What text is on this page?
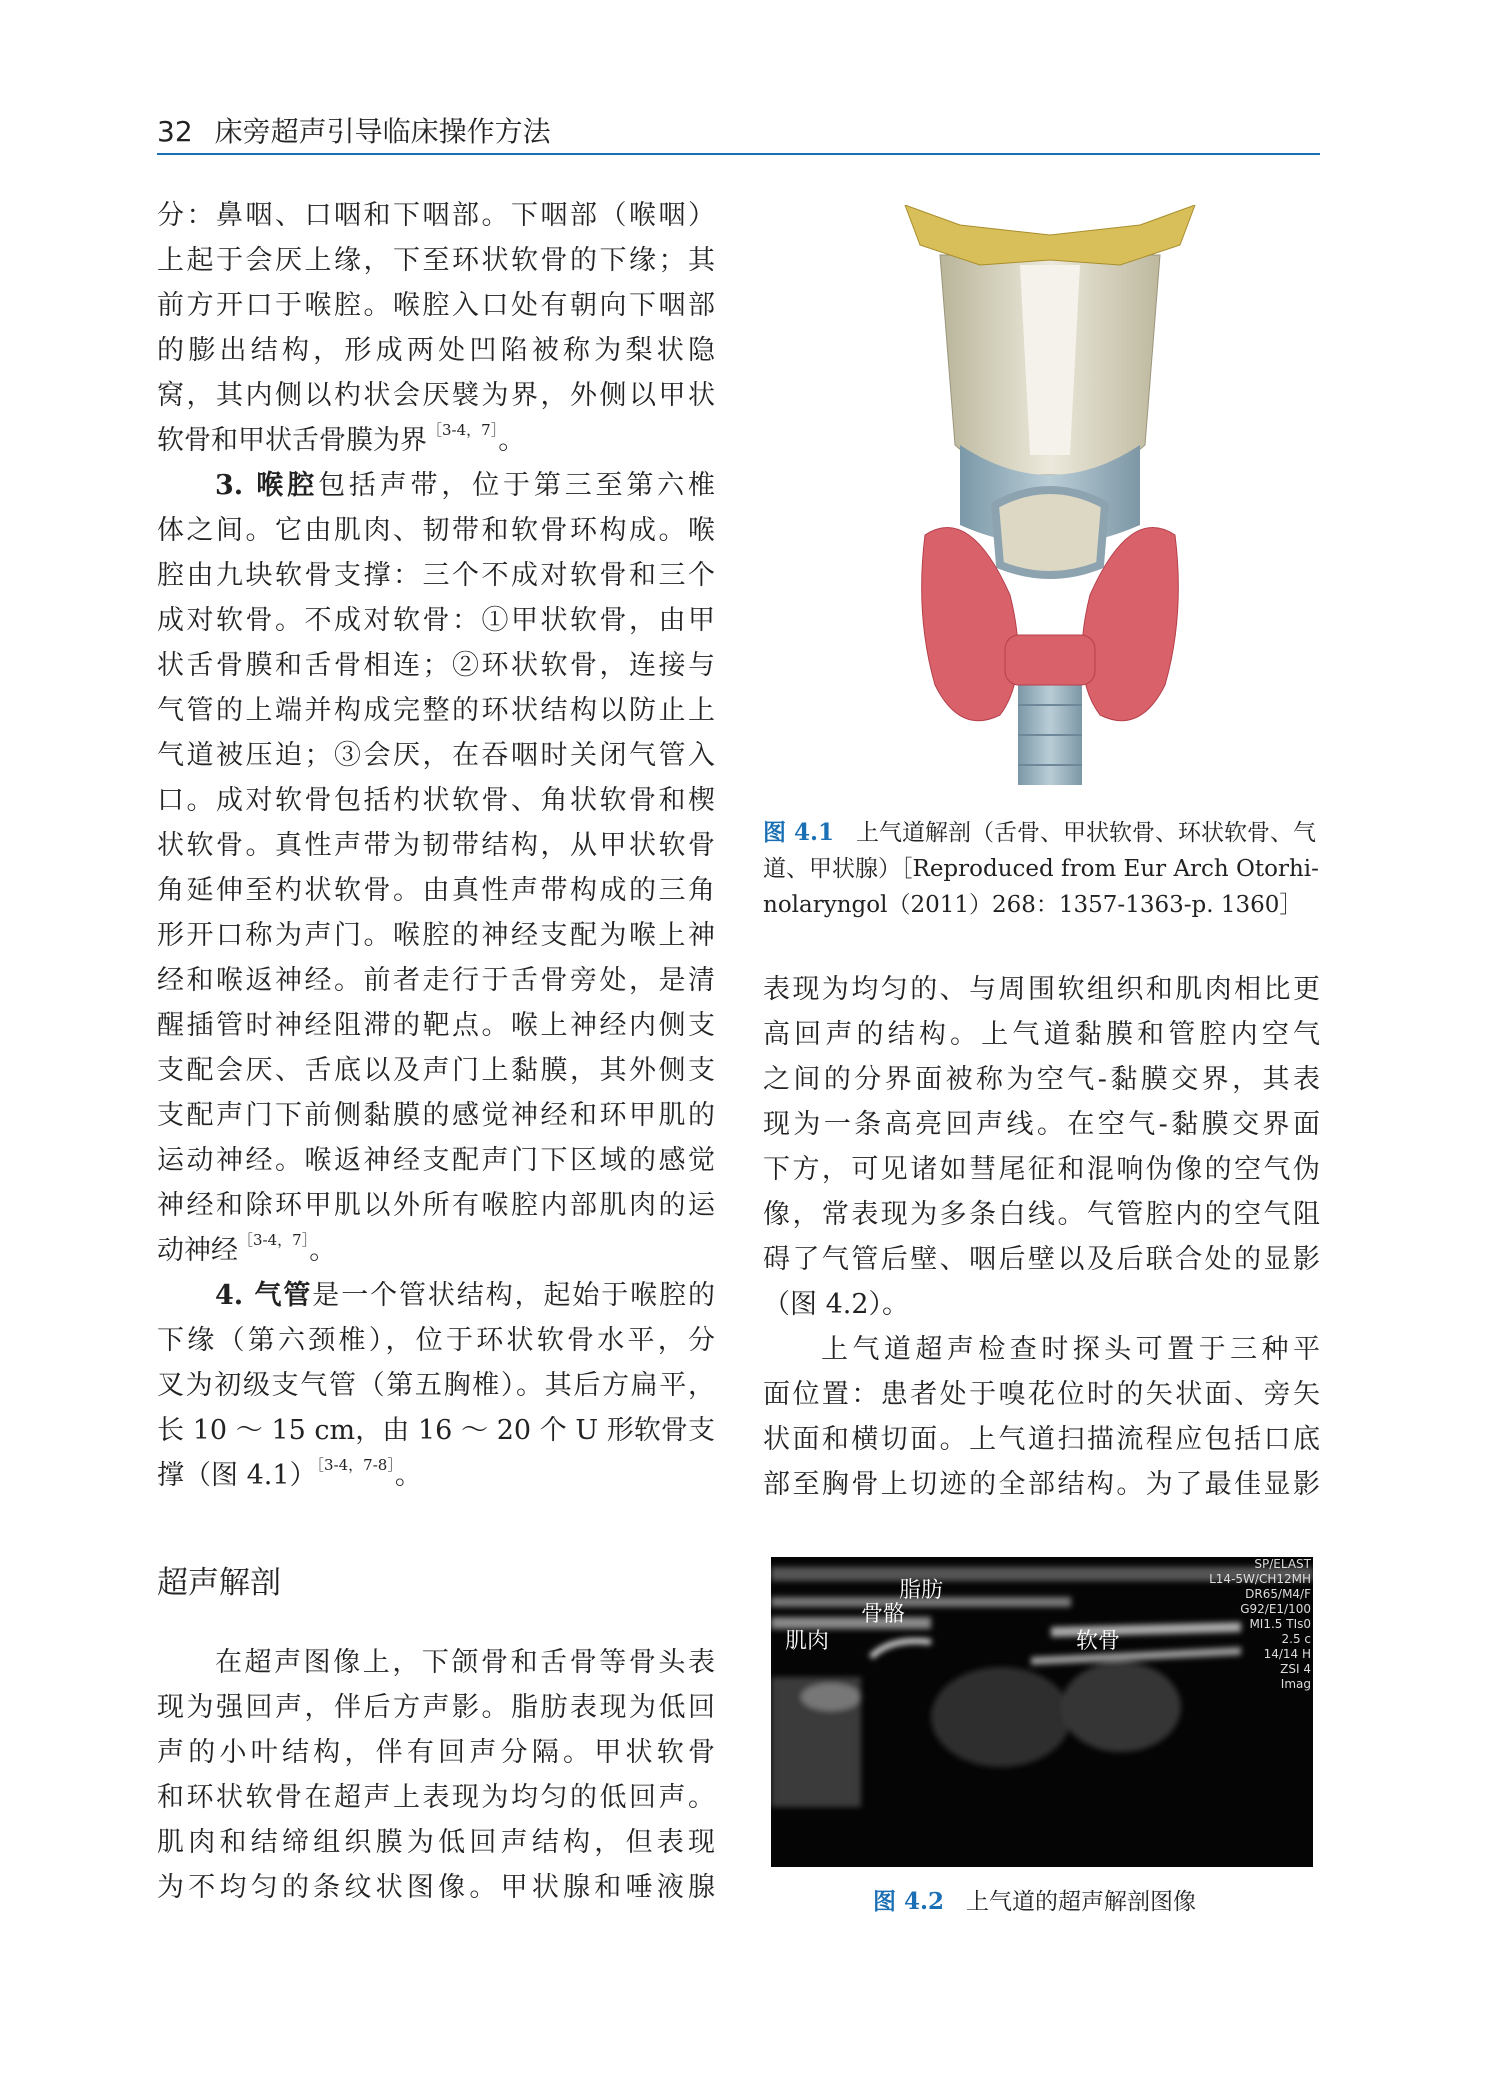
32 床旁超声引导临床操作方法
分：鼻咽、口咽和下咽部。下咽部（喉咽）
上起于会厌上缘，下至环状软骨的下缘；其
前方开口于喉腔。喉腔入口处有朝向下咽部
的膨出结构，形成两处凹陷被称为梨状隐
窝，其内侧以杓状会厌襞为界，外侧以甲状
软骨和甲状舌骨膜为界$^{[3-4,7]}$。
3. 喉腔包括声带，位于第三至第六椎
体之间。它由肌肉、韧带和软骨环构成。喉
腔由九块软骨支撑：三个不成对软骨和三个
成对软骨。不成对软骨：①甲状软骨，由甲
状舌骨膜和舌骨相连；②环状软骨，连接与
气管的上端并构成完整的环状结构以防止上
气道被压迫；③会厌，在吞咽时关闭气管入
口。成对软骨包括杓状软骨、角状软骨和楔
状软骨。真性声带为韧带结构，从甲状软骨
角延伸至杓状软骨。由真性声带构成的三角
形开口称为声门。喉腔的神经支配为喉上神
经和喉返神经。前者走行于舌骨旁处，是清
醒插管时神经阻滞的靶点。喉上神经内侧支
支配会厌、舌底以及声门上黏膜，其外侧支
支配声门下前侧黏膜的感觉神经和环甲肌的
运动神经。喉返神经支配声门下区域的感觉
神经和除环甲肌以外所有喉腔内部肌肉的运
动神经$^{[3-4,7]}$。
4. 气管是一个管状结构，起始于喉腔的
下缘（第六颈椎），位于环状软骨水平，分
叉为初级支气管（第五胸椎）。其后方扁平，
长 10 ～ 15 cm，由 16 ～ 20 个 U 形软骨支
撑（图 4.1）$^{[3-4,7-8]}$。
超声解剖
在超声图像上，下颌骨和舌骨等骨头表
现为强回声，伴后方声影。脂肪表现为低回
声的小叶结构，伴有回声分隔。甲状软骨
和环状软骨在超声上表现为均匀的低回声。
肌肉和结缔组织膜为低回声结构，但表现
为不均匀的条纹状图像。甲状腺和唾液腺
表现为均匀的、与周围软组织和肌肉相比更
高回声的结构。上气道黏膜和管腔内空气
之间的分界面被称为空气-黏膜交界，其表
现为一条高亮回声线。在空气-黏膜交界面
下方，可见诸如彗尾征和混响伪像的空气伪
像，常表现为多条白线。气管腔内的空气阻
碍了气管后壁、咽后壁以及后联合处的显影
（图 4.2）。
上气道超声检查时探头可置于三种平
面位置：患者处于嗅花位时的矢状面、旁矢
状面和横切面。上气道扫描流程应包括口底
部至胸骨上切迹的全部结构。为了最佳显影
图 4.1 上气道解剖（舌骨、甲状软骨、环状软骨、气道、甲状腺）［Reproduced from Eur Arch Otorhi-nolaryngol（2011）268：1357-1363-p. 1360］
脂肪
骨骼
肌肉	软骨
SP/ELAST
L14-5W/CH12MH
DR65/M4/F
G92/E1/100
MI1.5 TIs0
2.5 c
14/14 H
ZSI 4
Imag
图 4.2 上气道的超声解剖图像
